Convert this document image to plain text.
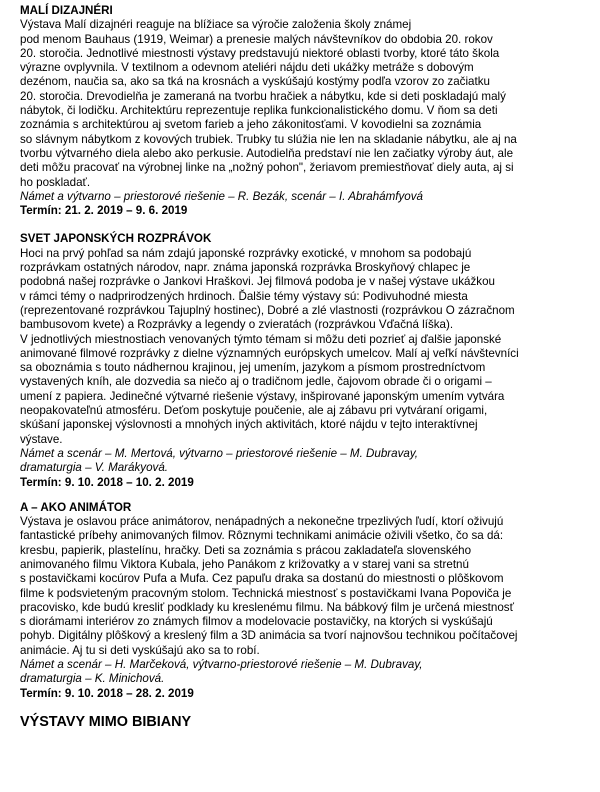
MALÍ DIZAJNÉRI
Výstava Malí dizajnéri reaguje na blížiace sa výročie založenia školy známej
pod menom Bauhaus (1919, Weimar) a prenesie malých návštevníkov do obdobia 20. rokov
20. storočia. Jednotlivé miestnosti výstavy predstavujú niektoré oblasti tvorby, ktoré táto škola
výrazne ovplyvnila. V textilnom a odevnom ateliéri nájdu deti ukážky metráže s dobovým
dezénom, naučia sa, ako sa tká na krosnách a vyskúšajú kostýmy podľa vzorov zo začiatku
20. storočia. Drevodielňa je zameraná na tvorbu hračiek a nábytku, kde si deti poskladajú malý
nábytok, či lodičku. Architektúru reprezentuje replika funkcionalistického domu. V ňom sa deti
zoznámia s architektúrou aj svetom farieb a jeho zákonitosťami. V kovodielni sa zoznámia
so slávnym nábytkom z kovových trubiek. Trubky tu slúžia nie len na skladanie nábytku, ale aj na
tvorbu výtvarného diela alebo ako perkusie. Autodielňa predstaví nie len začiatky výroby áut, ale
deti môžu pracovať na výrobnej linke na „nožný pohon", žeriavom premiestňovať diely auta, aj si
ho poskladať.
Námet a výtvarno – priestorové riešenie – R. Bezák, scenár – I. Abrahámfyová
Termín: 21. 2. 2019 – 9. 6. 2019
SVET JAPONSKÝCH ROZPRÁVOK
Hoci na prvý pohľad sa nám zdajú japonské rozprávky exotické, v mnohom sa podobajú
rozprávkam ostatných národov, napr. známa japonská rozprávka Broskyňový chlapec je
podobná našej rozprávke o Jankovi Hraškovi. Jej filmová podoba je v našej výstave ukážkou
v rámci témy o nadprirodzených hrdinoch. Ďalšie témy výstavy sú: Podivuhodné miesta
(reprezentované rozprávkou Tajuplný hostinec), Dobré a zlé vlastnosti (rozprávkou O zázračnom
bambusovom kvete) a Rozprávky a legendy o zvieratách (rozprávkou Vďačná líška).
V jednotlivých miestnostiach venovaných týmto témam si môžu deti pozrieť aj ďalšie japonské
animované filmové rozprávky z dielne významných európskych umelcov. Malí aj veľkí návštevníci
sa oboznámia s touto nádhernou krajinou, jej umením, jazykom a písmom prostredníctvom
vystavených kníh, ale dozvedia sa niečo aj o tradičnom jedle, čajovom obrade či o origami –
umení z papiera. Jedinečné výtvarné riešenie výstavy, inšpirované japonským umením vytvára
neopakovateľnú atmosféru. Deťom poskytuje poučenie, ale aj zábavu pri vytváraní origami,
skúšaní japonskej výslovnosti a mnohých iných aktivitách, ktoré nájdu v tejto interaktívnej
výstave.
Námet a scenár – M. Mertová, výtvarno – priestorové riešenie – M. Dubravay,
dramaturgia – V. Marákyová.
Termín: 9. 10. 2018 – 10. 2. 2019
A – AKO ANIMÁTOR
Výstava je oslavou práce animátorov, nenápadných a nekonečne trpezlivých ľudí, ktorí oživujú
fantastické príbehy animovaných filmov. Rôznymi technikami animácie oživili všetko, čo sa dá:
kresbu, papierik, plastelínu, hračky. Deti sa zoznámia s prácou zakladateľa slovenského
animovaného filmu Viktora Kubala, jeho Panákom z križovatky a v starej vani sa stretnú
s postavičkami kocúrov Pufa a Mufa. Cez papuľu draka sa dostanú do miestnosti o plôškovom
filme k podsvieteným pracovným stolom. Technická miestnosť s postavičkami Ivana Popoviča je
pracovisko, kde budú kresliť podklady ku kreslenému filmu. Na bábkový film je určená miestnosť
s diorámami interiérov zo známych filmov a modelovacie postavičky, na ktorých si vyskúšajú
pohyb. Digitálny plôškový a kreslený film a 3D animácia sa tvorí najnovšou technikou počítačovej
animácie. Aj tu si deti vyskúšajú ako sa to robí.
Námet a scenár – H. Marčeková, výtvarno-priestorové riešenie – M. Dubravay,
dramaturgia – K. Minichová.
Termín: 9. 10. 2018 – 28. 2. 2019
VÝSTAVY MIMO BIBIANY
